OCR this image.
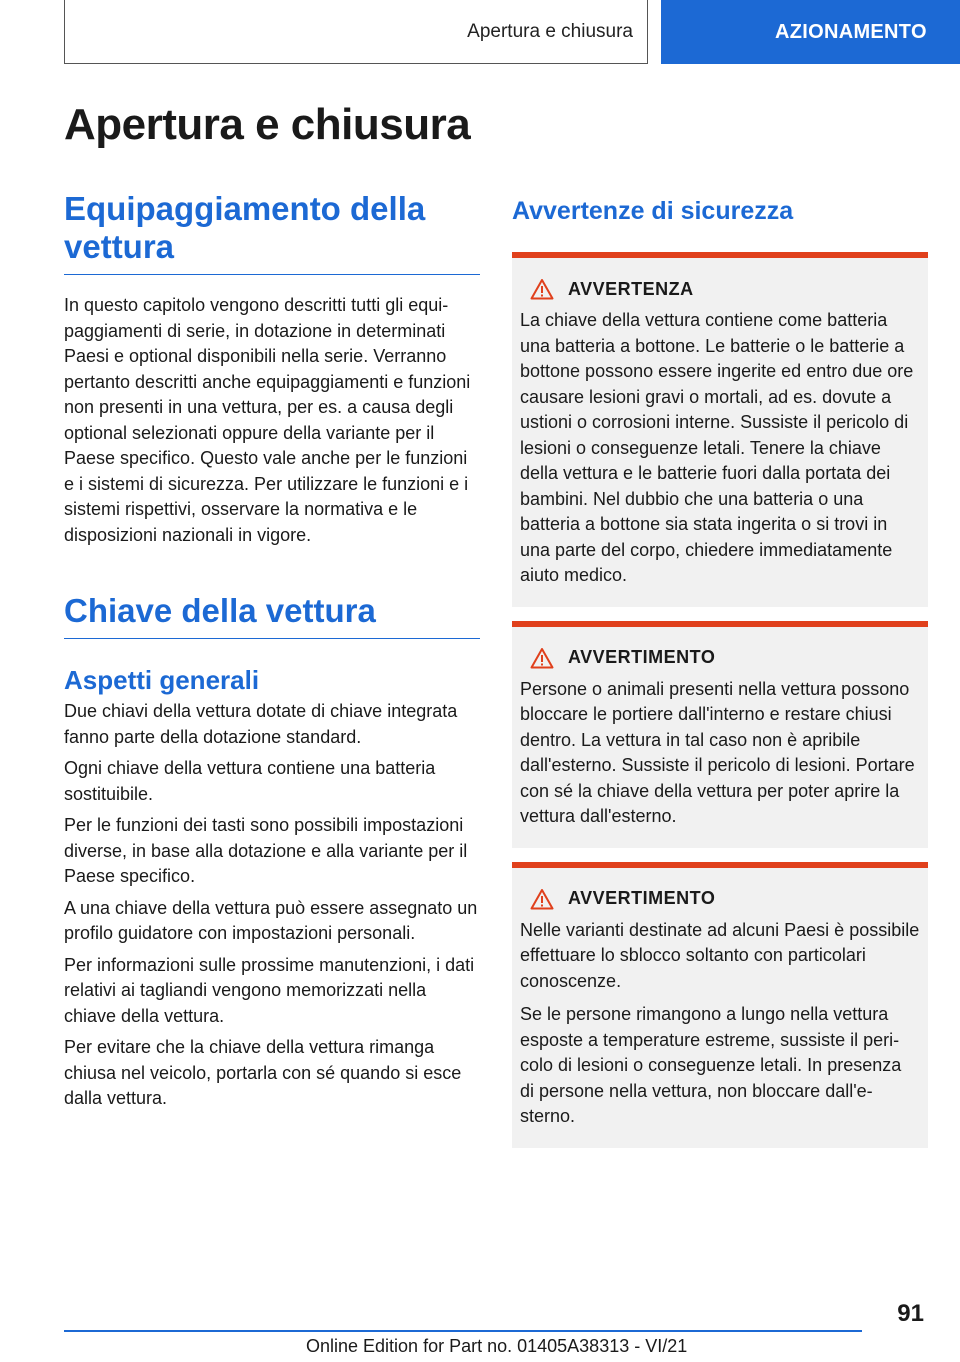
Apertura e chiusura	AZIONAMENTO
Apertura e chiusura
Equipaggiamento della vettura

In questo capitolo vengono descritti tutti gli equipaggiamenti di serie, in dotazione in determinati Paesi e optional disponibili nella serie. Verranno pertanto descritti anche equipaggiamenti e funzioni non presenti in una vettura, per es. a causa degli optional selezionati oppure della variante per il Paese specifico. Questo vale anche per le funzioni e i sistemi di sicurezza. Per utilizzare le funzioni e i sistemi rispettivi, osservare la normativa e le disposizioni nazionali in vigore.

Chiave della vettura
Aspetti generali

Due chiavi della vettura dotate di chiave integrata fanno parte della dotazione standard.

Ogni chiave della vettura contiene una batteria sostituibile.

Per le funzioni dei tasti sono possibili impostazioni diverse, in base alla dotazione e alla variante per il Paese specifico.

A una chiave della vettura può essere assegnato un profilo guidatore con impostazioni personali.

Per informazioni sulle prossime manutenzioni, i dati relativi ai tagliandi vengono memorizzati nella chiave della vettura.

Per evitare che la chiave della vettura rimanga chiusa nel veicolo, portarla con sé quando si esce dalla vettura.

Avvertenze di sicurezza
AVVERTENZA

La chiave della vettura contiene come batteria una batteria a bottone. Le batterie o le batterie a bottone possono essere ingerite ed entro due ore causare lesioni gravi o mortali, ad es. dovute a ustioni o corrosioni interne. Sussiste il pericolo di lesioni o conseguenze letali. Tenere la chiave della vettura e le batterie fuori dalla portata dei bambini. Nel dubbio che una batteria o una batteria a bottone sia stata ingerita o si trovi in una parte del corpo, chiedere immediatamente aiuto medico.

AVVERTIMENTO

Persone o animali presenti nella vettura possono bloccare le portiere dall'interno e restare chiusi dentro. La vettura in tal caso non è apribile dall'esterno. Sussiste il pericolo di lesioni. Portare con sé la chiave della vettura per poter aprire la vettura dall'esterno.

AVVERTIMENTO

Nelle varianti destinate ad alcuni Paesi è possibile effettuare lo sblocco soltanto con particolari conoscenze.

Se le persone rimangono a lungo nella vettura esposte a temperature estreme, sussiste il pericolo di lesioni o conseguenze letali. In presenza di persone nella vettura, non bloccare dall'esterno.

91
Online Edition for Part no. 01405A38313 - VI/21
